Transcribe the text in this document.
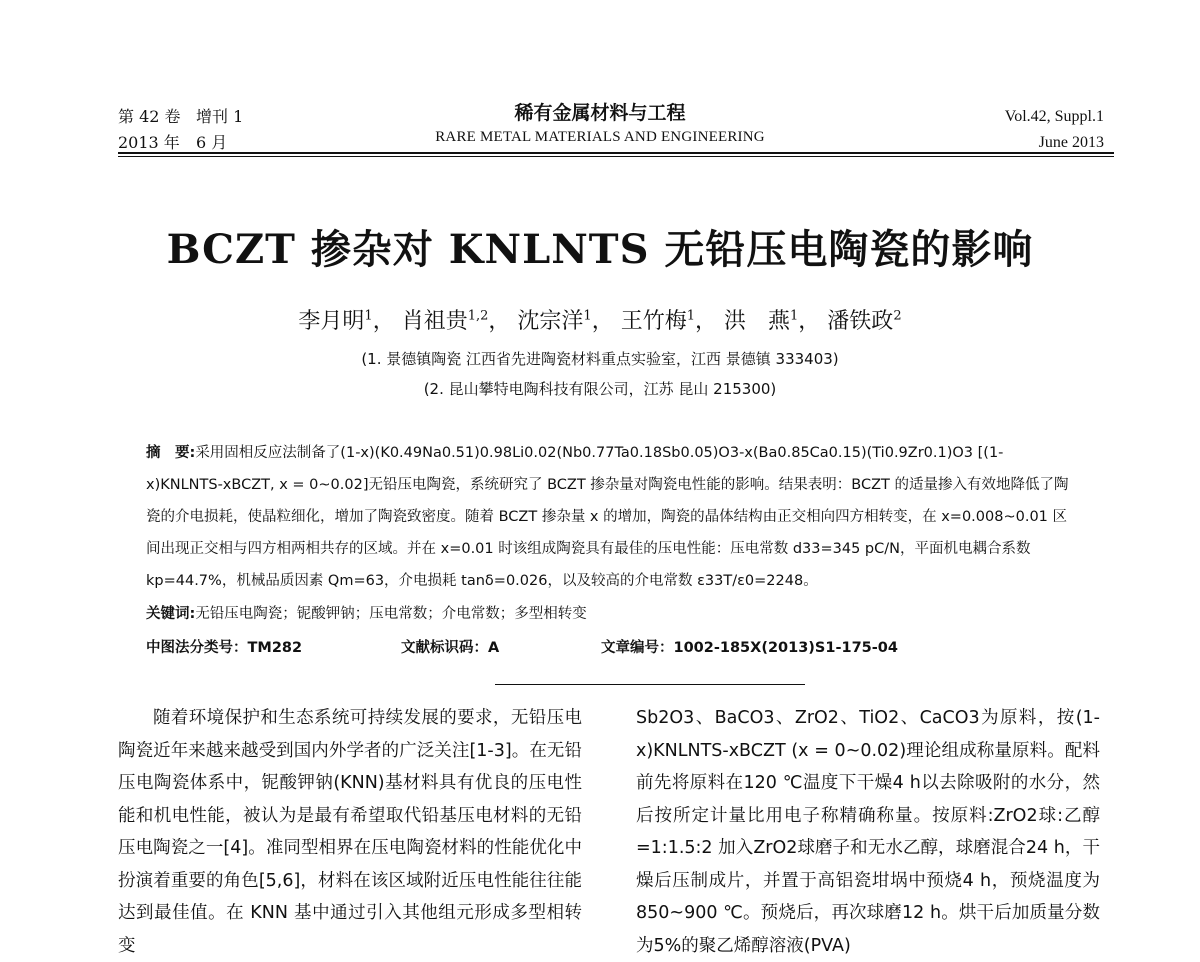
第 42 卷 增刊 1
2013 年 6 月
稀有金属材料与工程
RARE METAL MATERIALS AND ENGINEERING
Vol.42, Suppl.1
June 2013
BCZT 掺杂对 KNLNTS 无铅压电陶瓷的影响
李月明$^1$， 肖祖贵$^{1,2}$， 沈宗洋$^1$， 王竹梅$^1$， 洪　燕$^1$， 潘铁政$^2$
(1. 景德镇陶瓷 江西省先进陶瓷材料重点实验室，江西 景德镇 333403)
(2. 昆山攀特电陶科技有限公司，江苏 昆山 215300)
摘　要:采用固相反应法制备了(1-x)(K0.49Na0.51)0.98Li0.02(Nb0.77Ta0.18Sb0.05)O3-x(Ba0.85Ca0.15)(Ti0.9Zr0.1)O3 [(1-x)KNLNTS-xBCZT, x = 0~0.02]无铅压电陶瓷，系统研究了 BCZT 掺杂量对陶瓷电性能的影响。结果表明：BCZT 的适量掺入有效地降低了陶瓷的介电损耗，使晶粒细化，增加了陶瓷致密度。随着 BCZT 掺杂量 x 的增加，陶瓷的晶体结构由正交相向四方相转变，在 x=0.008~0.01 区间出现正交相与四方相两相共存的区域。并在 x=0.01 时该组成陶瓷具有最佳的压电性能：压电常数 d33=345 pC/N，平面机电耦合系数 kp=44.7%，机械品质因素 Qm=63，介电损耗 tanδ=0.026，以及较高的介电常数 ε33T/ε0=2248。
关键词:无铅压电陶瓷；铌酸钾钠；压电常数；介电常数；多型相转变
中图法分类号：TM282	文献标识码：A	文章编号：1002-185X(2013)S1-175-04

随着环境保护和生态系统可持续发展的要求，无铅压电陶瓷近年来越来越受到国内外学者的广泛关注[1-3]。在无铅压电陶瓷体系中，铌酸钾钠(KNN)基材料具有优良的压电性能和机电性能，被认为是最有希望取代铅基压电材料的无铅压电陶瓷之一[4]。准同型相界在压电陶瓷材料的性能优化中扮演着重要的角色[5,6]，材料在该区域附近压电性能往往能达到最佳值。在 KNN 基中通过引入其他组元形成多型相转变

Sb2O3、BaCO3、ZrO2、TiO2、CaCO3为原料，按(1-x)KNLNTS-xBCZT (x = 0~0.02)理论组成称量原料。配料前先将原料在120 ℃温度下干燥4 h以去除吸附的水分，然后按所定计量比用电子称精确称量。按原料:ZrO2球:乙醇=1:1.5:2 加入ZrO2球磨子和无水乙醇，球磨混合24 h，干燥后压制成片，并置于高铝瓷坩埚中预烧4 h，预烧温度为850~900 ℃。预烧后，再次球磨12 h。烘干后加质量分数为5%的聚乙烯醇溶液(PVA)
